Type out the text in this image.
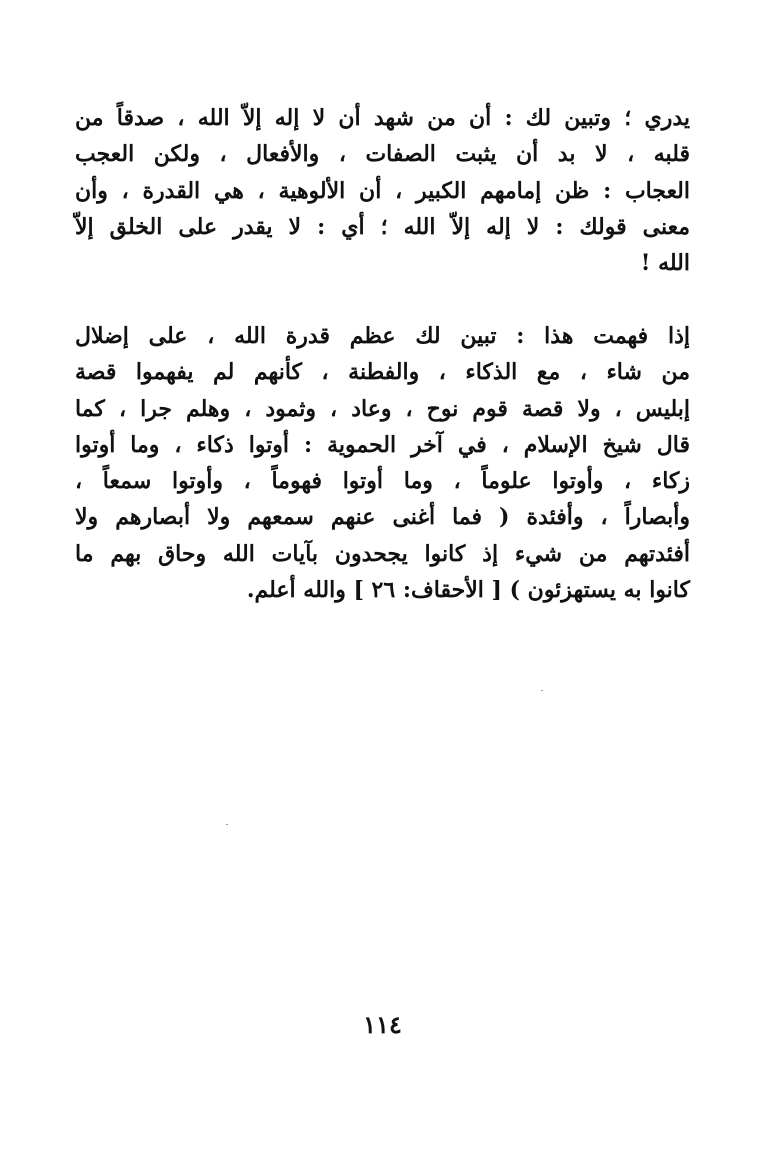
يدري ؛ وتبين لك : أن من شهد أن لا إله إلاّ الله ، صدقاً من
قلبه ، لا بد أن يثبت الصفات ، والأفعال ، ولكن العجب
العجاب : ظن إمامهم الكبير ، أن الألوهية ، هي القدرة ، وأن
معنى قولك : لا إله إلاّ الله ؛ أي : لا يقدر على الخلق إلاّ
الله !
إذا فهمت هذا : تبين لك عظم قدرة الله ، على إضلال
من شاء ، مع الذكاء ، والفطنة ، كأنهم لم يفهموا قصة
إبليس ، ولا قصة قوم نوح ، وعاد ، وثمود ، وهلم جرا ، كما
قال شيخ الإسلام ، في آخر الحموية : أوتوا ذكاء ، وما أوتوا
زكاء ، وأوتوا علوماً ، وما أوتوا فهوماً ، وأوتوا سمعاً ،
وأبصاراً ، وأفئدة ( فما أغنى عنهم سمعهم ولا أبصارهم ولا
أفئدتهم من شيء إذ كانوا يجحدون بآيات الله وحاق بهم ما
كانوا به يستهزئون ) [ الأحقاف: ٢٦ ] والله أعلم.
١١٤
